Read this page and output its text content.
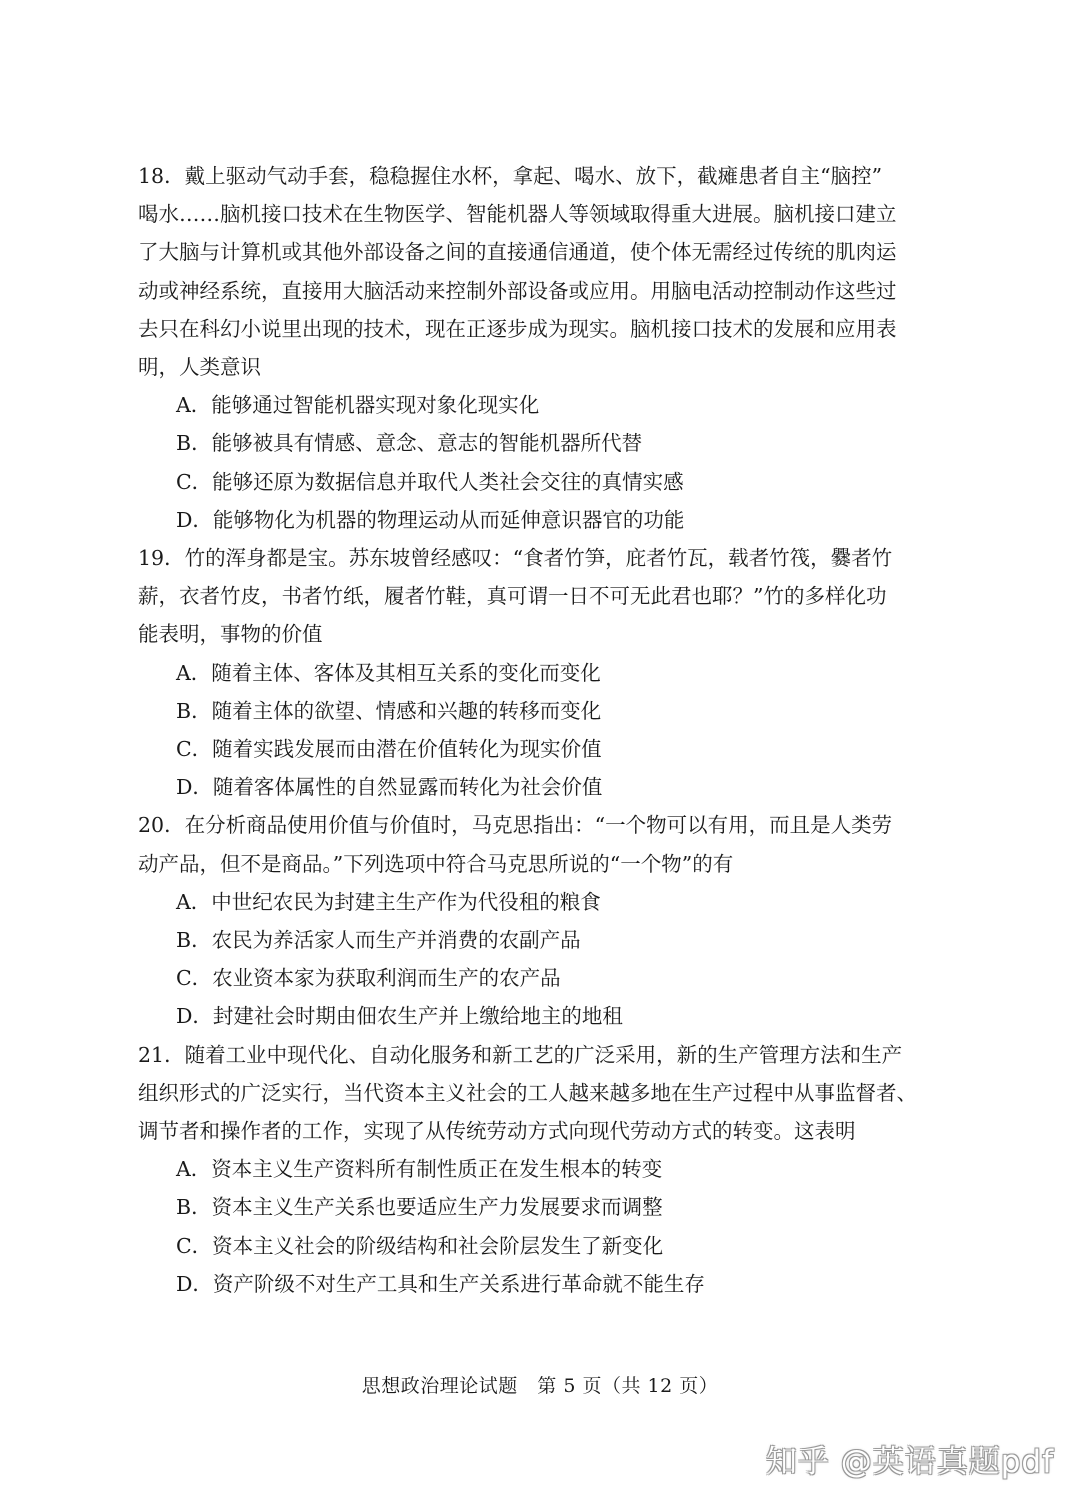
18．戴上驱动气动手套，稳稳握住水杯，拿起、喝水、放下，截瘫患者自主“脑控”
喝水……脑机接口技术在生物医学、智能机器人等领域取得重大进展。脑机接口建立
了大脑与计算机或其他外部设备之间的直接通信通道，使个体无需经过传统的肌肉运
动或神经系统，直接用大脑活动来控制外部设备或应用。用脑电活动控制动作这些过
去只在科幻小说里出现的技术，现在正逐步成为现实。脑机接口技术的发展和应用表
明，人类意识

A．能够通过智能机器实现对象化现实化

B．能够被具有情感、意念、意志的智能机器所代替

C．能够还原为数据信息并取代人类社会交往的真情实感

D．能够物化为机器的物理运动从而延伸意识器官的功能

19．竹的浑身都是宝。苏东坡曾经感叹：“食者竹笋，庇者竹瓦，载者竹筏，爨者竹
薪，衣者竹皮，书者竹纸，履者竹鞋，真可谓一日不可无此君也耶？”竹的多样化功
能表明，事物的价值

A．随着主体、客体及其相互关系的变化而变化

B．随着主体的欲望、情感和兴趣的转移而变化

C．随着实践发展而由潜在价值转化为现实价值

D．随着客体属性的自然显露而转化为社会价值

20．在分析商品使用价值与价值时，马克思指出：“一个物可以有用，而且是人类劳
动产品，但不是商品。”下列选项中符合马克思所说的“一个物”的有

A．中世纪农民为封建主生产作为代役租的粮食

B．农民为养活家人而生产并消费的农副产品

C．农业资本家为获取利润而生产的农产品

D．封建社会时期由佃农生产并上缴给地主的地租

21．随着工业中现代化、自动化服务和新工艺的广泛采用，新的生产管理方法和生产
组织形式的广泛实行，当代资本主义社会的工人越来越多地在生产过程中从事监督者、
调节者和操作者的工作，实现了从传统劳动方式向现代劳动方式的转变。这表明

A．资本主义生产资料所有制性质正在发生根本的转变

B．资本主义生产关系也要适应生产力发展要求而调整

C．资本主义社会的阶级结构和社会阶层发生了新变化

D．资产阶级不对生产工具和生产关系进行革命就不能生存

思想政治理论试题　第 5 页（共 12 页）
知乎 @英语真题pdf
